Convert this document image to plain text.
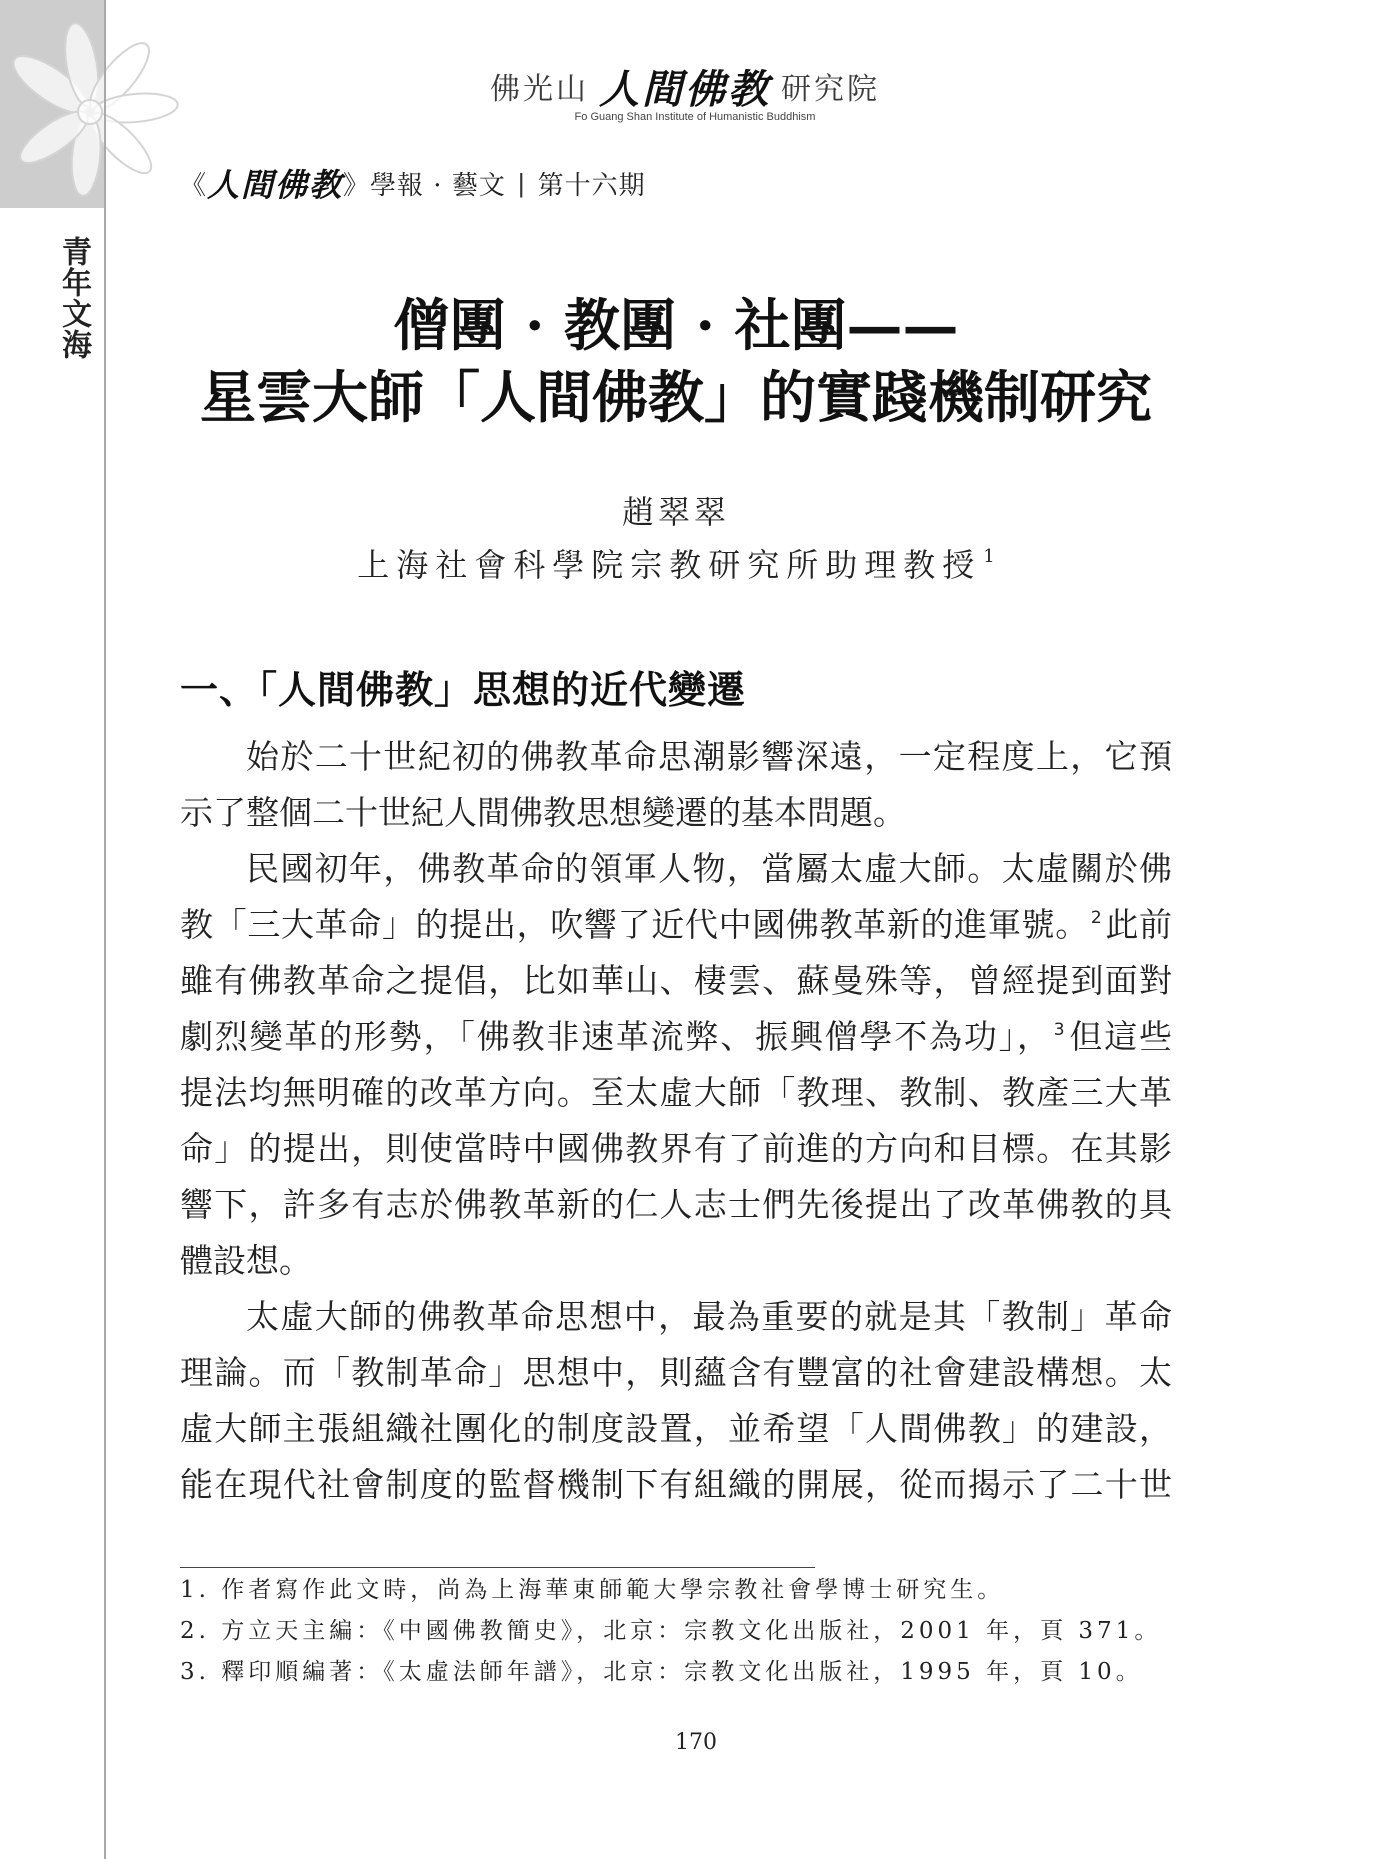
青年文海
佛光山 人間佛教 研究院
Fo Guang Shan Institute of Humanistic Buddhism
《 人間佛教 》學報 · 藝文 | 第十六期
僧團 · 教團 · 社團——
星雲大師「人間佛教」的實踐機制研究
趙翠翠
上海社會科學院宗教研究所助理教授 $^1$
一、「人間佛教」思想的近代變遷
始於二十世紀初的佛教革命思潮影響深遠，一定程度上，它預
示了整個二十世紀人間佛教思想變遷的基本問題。
民國初年，佛教革命的領軍人物，當屬太虛大師。太虛關於佛
教「三大革命」的提出，吹響了近代中國佛教革新的進軍號。 $^2$此前
雖有佛教革命之提倡，比如華山、棲雲、蘇曼殊等，曾經提到面對
劇烈變革的形勢，「佛教非速革流弊、振興僧學不為功」， $^3$但這些
提法均無明確的改革方向。至太虛大師「教理、教制、教產三大革
命」的提出，則使當時中國佛教界有了前進的方向和目標。在其影
響下，許多有志於佛教革新的仁人志士們先後提出了改革佛教的具
體設想。
太虛大師的佛教革命思想中，最為重要的就是其「教制」革命
理論。而「教制革命」思想中，則蘊含有豐富的社會建設構想。太
虛大師主張組織社團化的制度設置，並希望「人間佛教」的建設，
能在現代社會制度的監督機制下有組織的開展，從而揭示了二十世
1. 作者寫作此文時，尚為上海華東師範大學宗教社會學博士研究生。
2. 方立天主編：《中國佛教簡史》，北京：宗教文化出版社，2001 年，頁 371。
3. 釋印順編著：《太虛法師年譜》，北京：宗教文化出版社，1995 年，頁 10。
170
